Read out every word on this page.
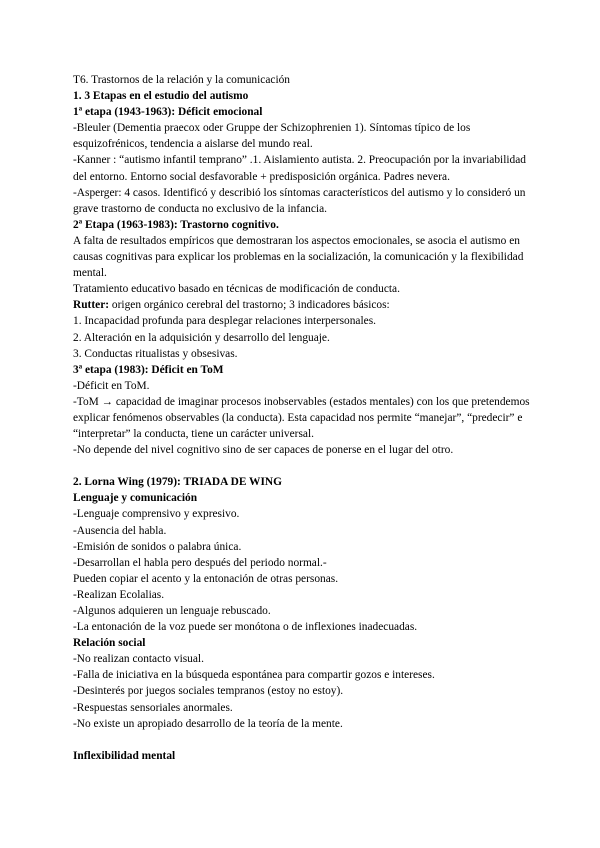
T6. Trastornos de la relación y la comunicación

1. 3 Etapas en el estudio del autismo

1ª etapa (1943-1963): Déficit emocional

-Bleuler (Dementia praecox oder Gruppe der Schizophrenien 1). Síntomas típico de los esquizofrénicos, tendencia a aislarse del mundo real.

-Kanner : “autismo infantil temprano” .1. Aislamiento autista. 2. Preocupación por la invariabilidad del entorno. Entorno social desfavorable + predisposición orgánica. Padres nevera.

-Asperger: 4 casos. Identificó y describió los síntomas característicos del autismo y lo consideró un grave trastorno de conducta no exclusivo de la infancia.

2ª Etapa (1963-1983): Trastorno cognitivo.

A falta de resultados empíricos que demostraran los aspectos emocionales, se asocia el autismo en causas cognitivas para explicar los problemas en la socialización, la comunicación y la flexibilidad mental.

Tratamiento educativo basado en técnicas de modificación de conducta.

Rutter: origen orgánico cerebral del trastorno; 3 indicadores básicos:

1. Incapacidad profunda para desplegar relaciones interpersonales.

2. Alteración en la adquisición y desarrollo del lenguaje.

3. Conductas ritualistas y obsesivas.

3ª etapa (1983): Déficit en ToM

-Déficit en ToM.

-ToM → capacidad de imaginar procesos inobservables (estados mentales) con los que pretendemos explicar fenómenos observables (la conducta). Esta capacidad nos permite “manejar”, “predecir” e “interpretar” la conducta, tiene un carácter universal.

-No depende del nivel cognitivo sino de ser capaces de ponerse en el lugar del otro.

2. Lorna Wing (1979): TRIADA DE WING

Lenguaje y comunicación

-Lenguaje comprensivo y expresivo.

-Ausencia del habla.

-Emisión de sonidos o palabra única.

-Desarrollan el habla pero después del periodo normal.-

Pueden copiar el acento y la entonación de otras personas.

-Realizan Ecolalias.

-Algunos adquieren un lenguaje rebuscado.

-La entonación de la voz puede ser monótona o de inflexiones inadecuadas.

Relación social

-No realizan contacto visual.

-Falla de iniciativa en la búsqueda espontánea para compartir gozos e intereses.

-Desinterés por juegos sociales tempranos (estoy no estoy).

-Respuestas sensoriales anormales.

-No existe un apropiado desarrollo de la teoría de la mente.

Inflexibilidad mental
